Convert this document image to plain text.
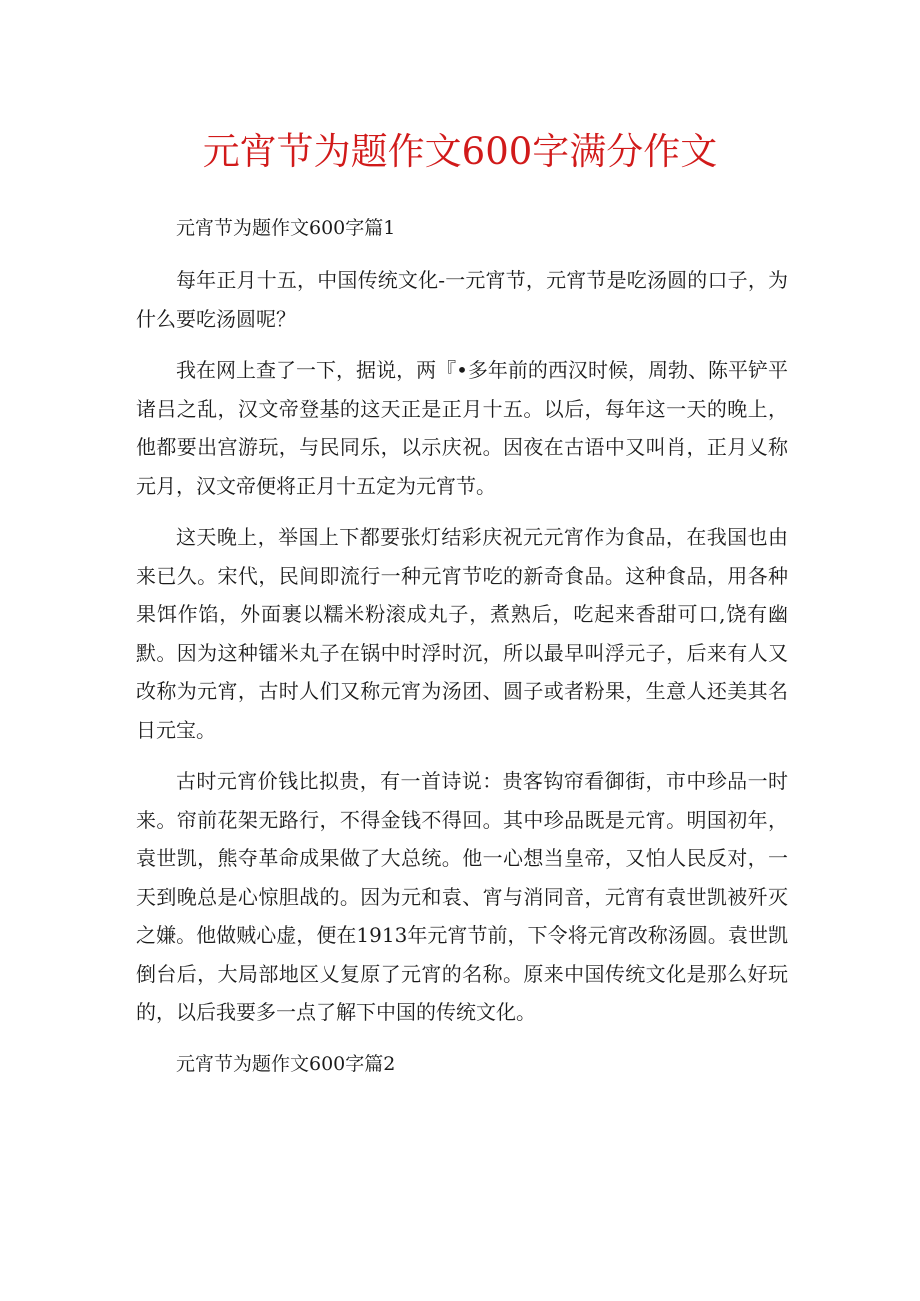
元宵节为题作文600字满分作文

元宵节为题作文600字篇1

每年正月十五，中国传统文化-一元宵节，元宵节是吃汤圆的口子，为什么要吃汤圆呢？

我在网上查了一下，据说，两『•多年前的西汉时候，周勃、陈平铲平诸吕之乱，汉文帝登基的这天正是正月十五。以后，每年这一天的晚上，他都要出宫游玩，与民同乐，以示庆祝。因夜在古语中又叫肖，正月乂称元月，汉文帝便将正月十五定为元宵节。

这天晚上，举国上下都要张灯结彩庆祝元元宵作为食品，在我国也由来已久。宋代，民间即流行一种元宵节吃的新奇食品。这种食品，用各种果饵作馅，外面裹以糯米粉滚成丸子，煮熟后，吃起来香甜可口,饶有幽默。因为这种镭米丸子在锅中时浮时沉，所以最早叫浮元子，后来有人又改称为元宵，古时人们又称元宵为汤团、圆子或者粉果，生意人还美其名日元宝。

古时元宵价钱比拟贵，有一首诗说：贵客钩帘看御街，市中珍品一时来。帘前花架无路行，不得金钱不得回。其中珍品既是元宵。明国初年，袁世凯，熊夺革命成果做了大总统。他一心想当皇帝，又怕人民反对，一天到晚总是心惊胆战的。因为元和袁、宵与消同音，元宵有袁世凯被歼灭之嫌。他做贼心虚，便在1913年元宵节前，下令将元宵改称汤圆。袁世凯倒台后，大局部地区乂复原了元宵的名称。原来中国传统文化是那么好玩的，以后我要多一点了解下中国的传统文化。

元宵节为题作文600字篇2
